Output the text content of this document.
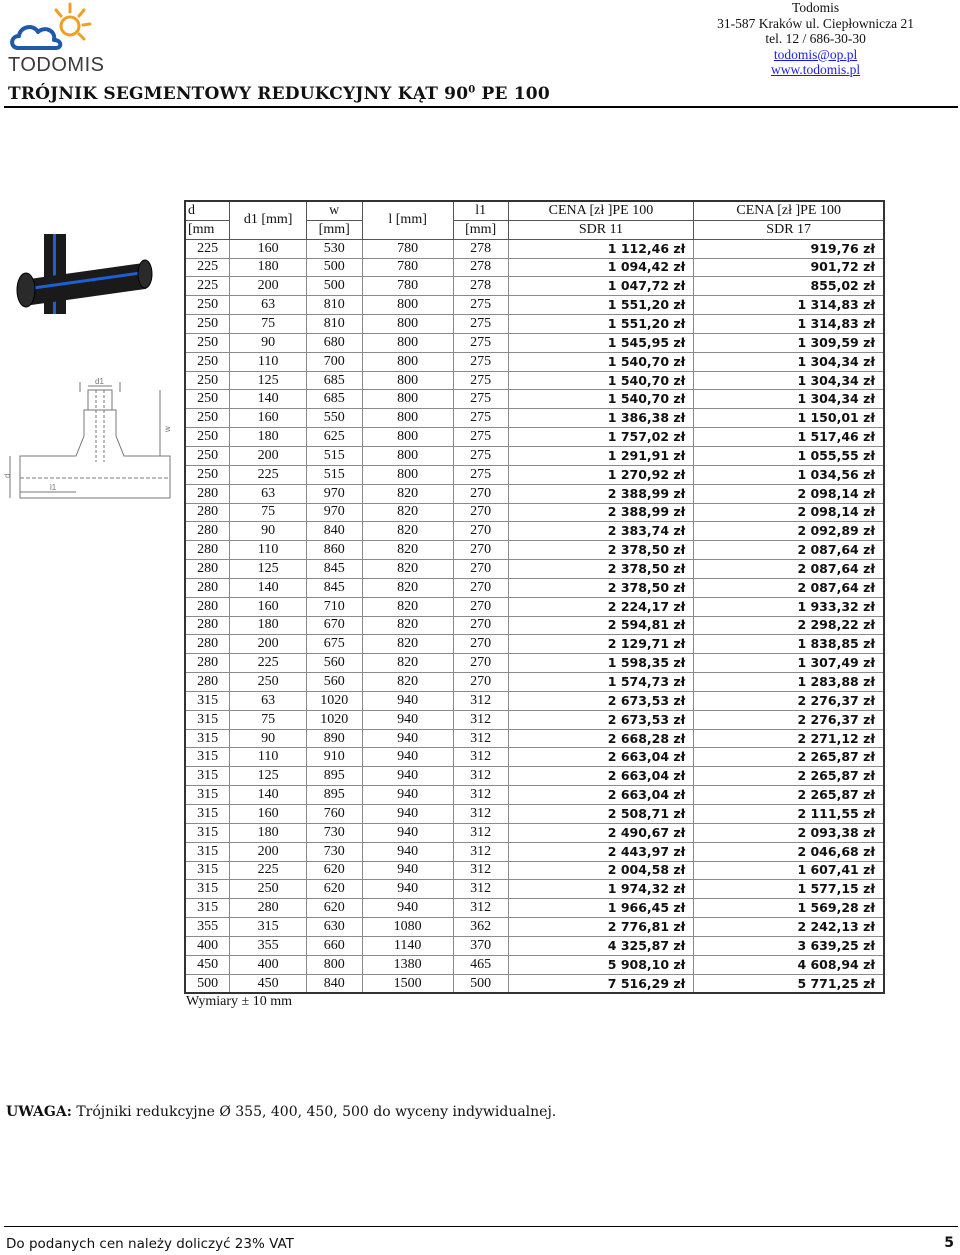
TODOMIS
Todomis
31-587 Kraków ul. Ciepłownicza 21
tel. 12 / 686-30-30
todomis@op.pl
www.todomis.pl
TRÓJNIK SEGMENTOWY REDUKCYJNY KĄT $90^0$ PE 100
d1
w
d
l1
d	d1 [mm]	w	l [mm]	l1	CENA [zł ]PE 100	CENA [zł ]PE 100
[mm		[mm]		[mm]	SDR 11	SDR 17
225	160	530	780	278	1 112,46 zł	919,76 zł
225	180	500	780	278	1 094,42 zł	901,72 zł
225	200	500	780	278	1 047,72 zł	855,02 zł
250	63	810	800	275	1 551,20 zł	1 314,83 zł
250	75	810	800	275	1 551,20 zł	1 314,83 zł
250	90	680	800	275	1 545,95 zł	1 309,59 zł
250	110	700	800	275	1 540,70 zł	1 304,34 zł
250	125	685	800	275	1 540,70 zł	1 304,34 zł
250	140	685	800	275	1 540,70 zł	1 304,34 zł
250	160	550	800	275	1 386,38 zł	1 150,01 zł
250	180	625	800	275	1 757,02 zł	1 517,46 zł
250	200	515	800	275	1 291,91 zł	1 055,55 zł
250	225	515	800	275	1 270,92 zł	1 034,56 zł
280	63	970	820	270	2 388,99 zł	2 098,14 zł
280	75	970	820	270	2 388,99 zł	2 098,14 zł
280	90	840	820	270	2 383,74 zł	2 092,89 zł
280	110	860	820	270	2 378,50 zł	2 087,64 zł
280	125	845	820	270	2 378,50 zł	2 087,64 zł
280	140	845	820	270	2 378,50 zł	2 087,64 zł
280	160	710	820	270	2 224,17 zł	1 933,32 zł
280	180	670	820	270	2 594,81 zł	2 298,22 zł
280	200	675	820	270	2 129,71 zł	1 838,85 zł
280	225	560	820	270	1 598,35 zł	1 307,49 zł
280	250	560	820	270	1 574,73 zł	1 283,88 zł
315	63	1020	940	312	2 673,53 zł	2 276,37 zł
315	75	1020	940	312	2 673,53 zł	2 276,37 zł
315	90	890	940	312	2 668,28 zł	2 271,12 zł
315	110	910	940	312	2 663,04 zł	2 265,87 zł
315	125	895	940	312	2 663,04 zł	2 265,87 zł
315	140	895	940	312	2 663,04 zł	2 265,87 zł
315	160	760	940	312	2 508,71 zł	2 111,55 zł
315	180	730	940	312	2 490,67 zł	2 093,38 zł
315	200	730	940	312	2 443,97 zł	2 046,68 zł
315	225	620	940	312	2 004,58 zł	1 607,41 zł
315	250	620	940	312	1 974,32 zł	1 577,15 zł
315	280	620	940	312	1 966,45 zł	1 569,28 zł
355	315	630	1080	362	2 776,81 zł	2 242,13 zł
400	355	660	1140	370	4 325,87 zł	3 639,25 zł
450	400	800	1380	465	5 908,10 zł	4 608,94 zł
500	450	840	1500	500	7 516,29 zł	5 771,25 zł
Wymiary ± 10 mm
UWAGA: Trójniki redukcyjne Ø 355, 400, 450, 500 do wyceny indywidualnej.
Do podanych cen należy doliczyć 23% VAT	5
